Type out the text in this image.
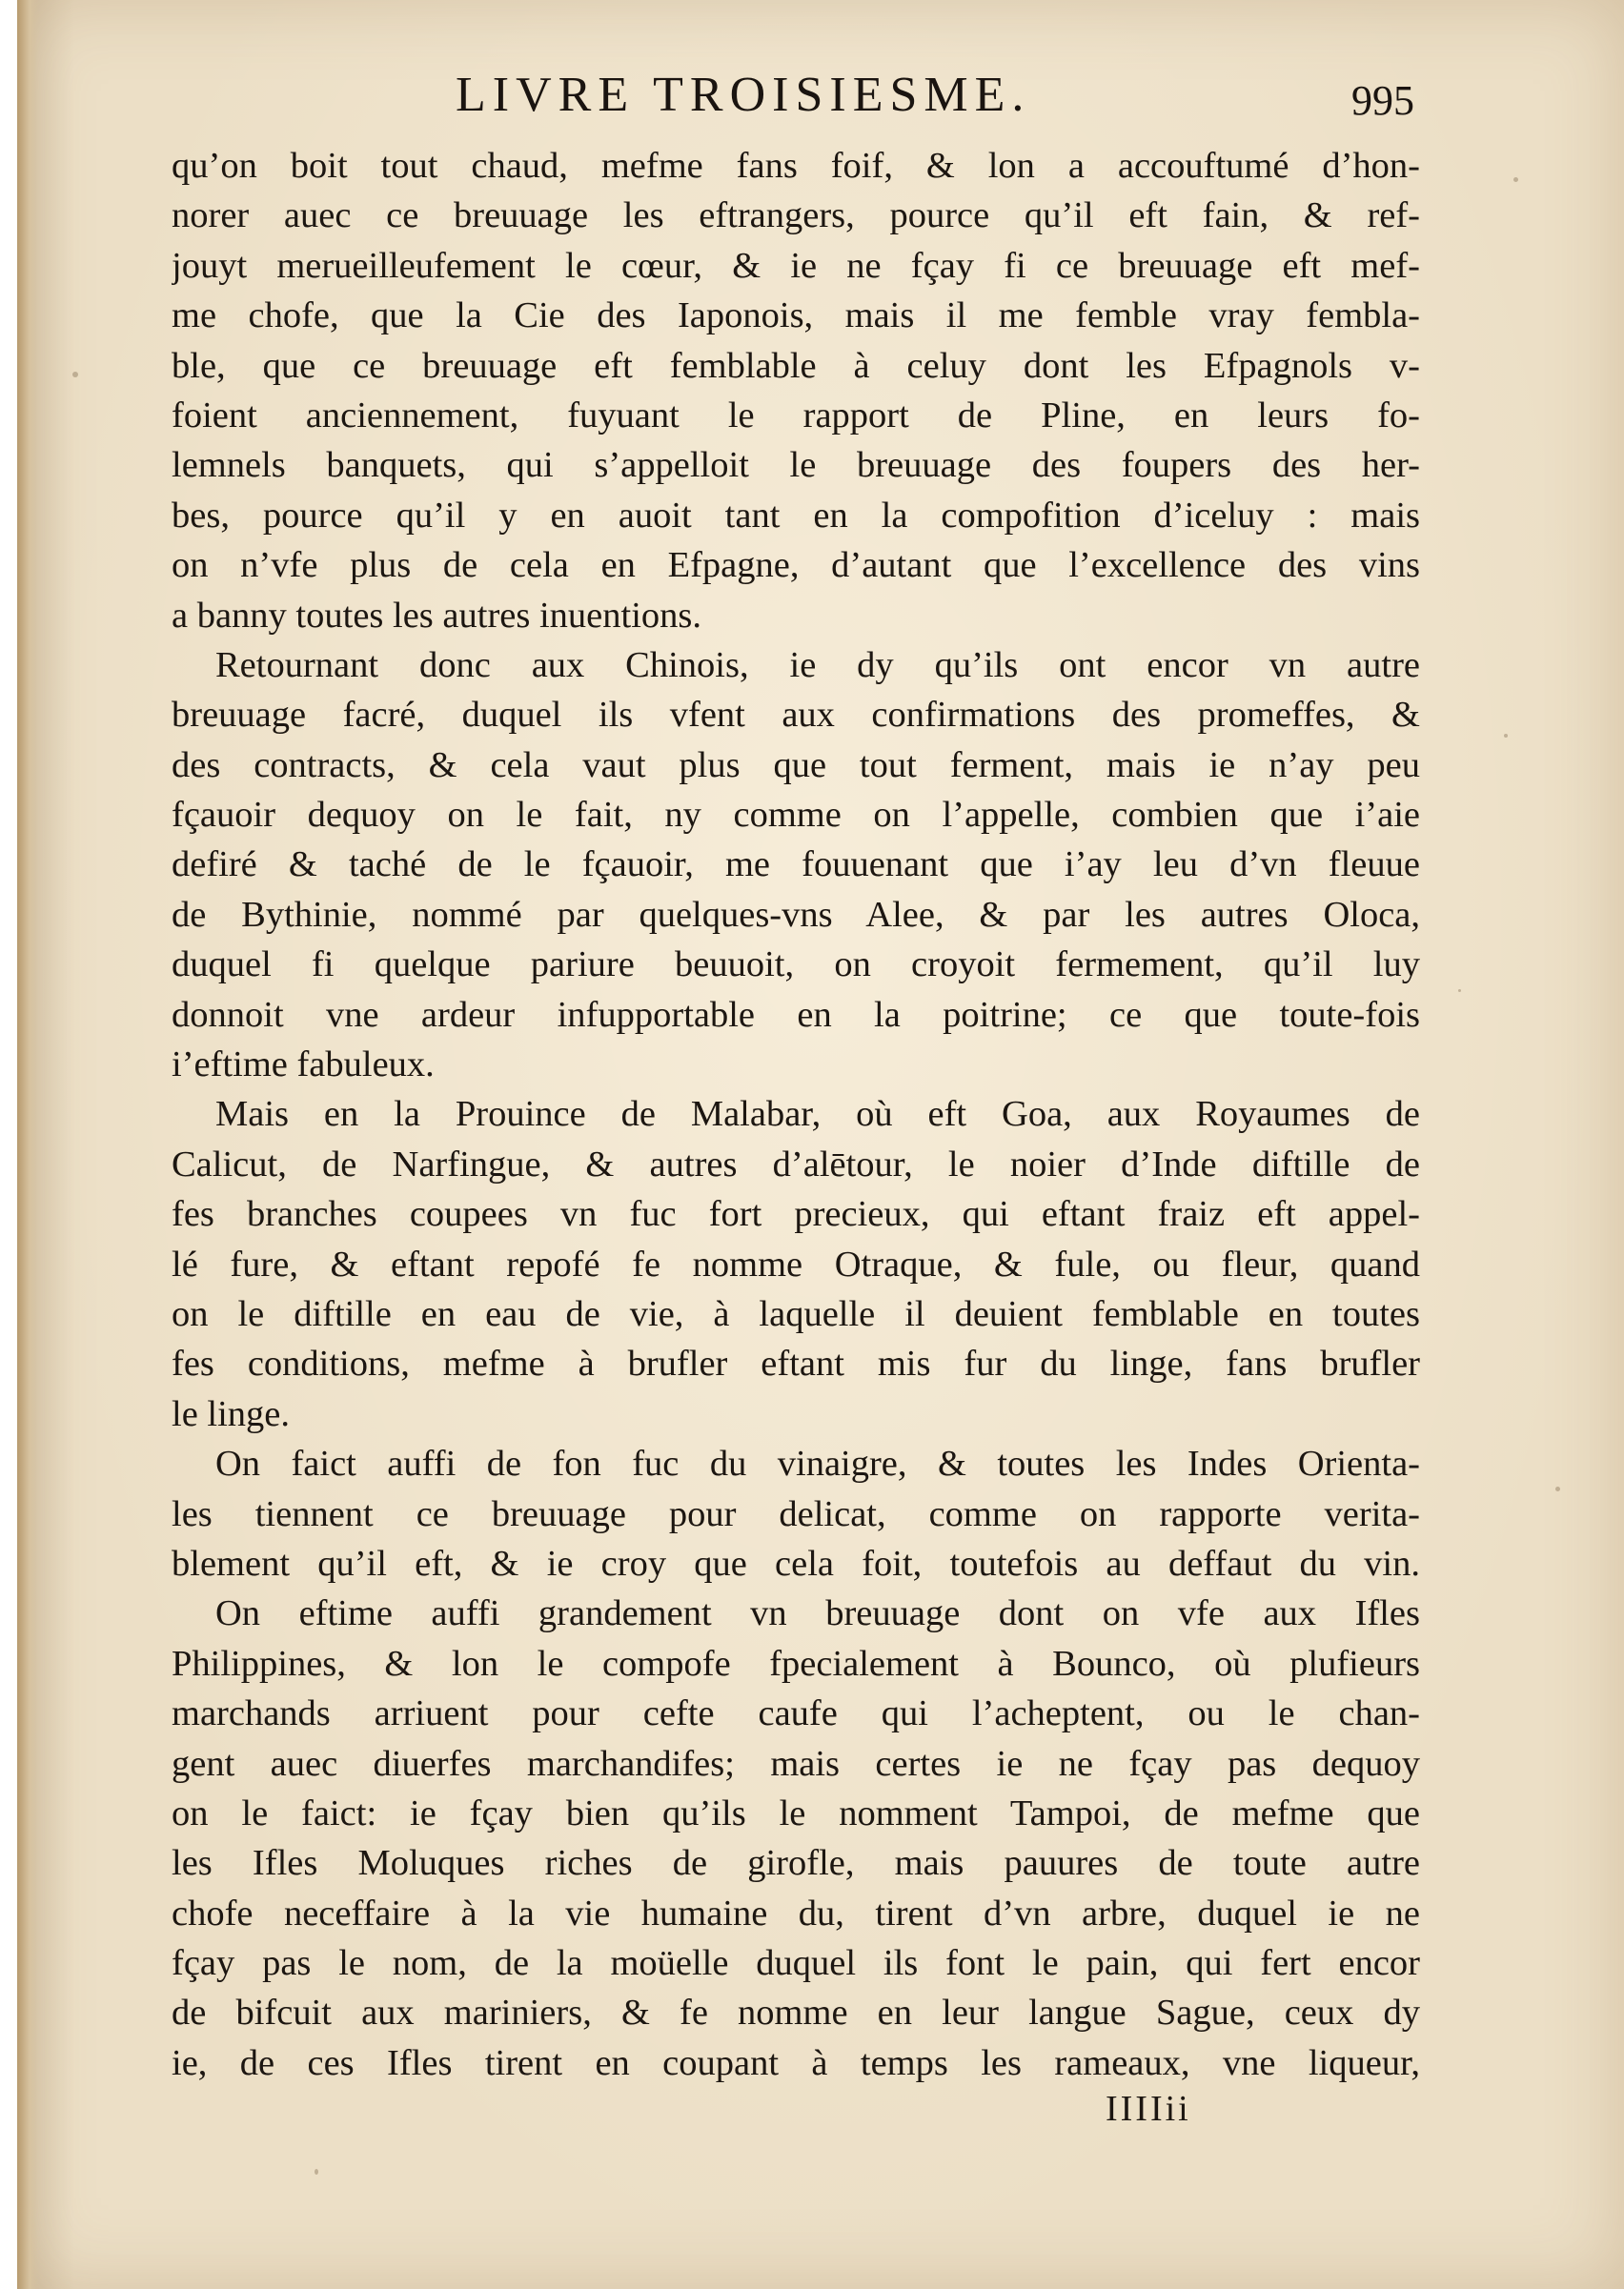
LIVRE TROISIESME.	995
qu’on boit tout chaud, mefme fans foif, & lon a accouftumé d’hon-
norer auec ce breuuage les eftrangers, pource qu’il eft fain, & ref-
jouyt merueilleufement le cœur, & ie ne fçay fi ce breuuage eft mef-
me chofe, que la Cie des Iaponois, mais il me femble vray fembla-
ble, que ce breuuage eft femblable à celuy dont les Efpagnols v-
foient anciennement, fuyuant le rapport de Pline, en leurs fo-
lemnels banquets, qui s’appelloit le breuuage des foupers des her-
bes, pource qu’il y en auoit tant en la compofition d’iceluy : mais
on n’vfe plus de cela en Efpagne, d’autant que l’excellence des vins
a banny toutes les autres inuentions.
Retournant donc aux Chinois, ie dy qu’ils ont encor vn autre
breuuage facré, duquel ils vfent aux confirmations des promeffes, &
des contracts, & cela vaut plus que tout ferment, mais ie n’ay peu
fçauoir dequoy on le fait, ny comme on l’appelle, combien que i’aie
defiré & taché de le fçauoir, me fouuenant que i’ay leu d’vn fleuue
de Bythinie, nommé par quelques-vns Alee, & par les autres Oloca,
duquel fi quelque pariure beuuoit, on croyoit fermement, qu’il luy
donnoit vne ardeur infupportable en la poitrine; ce que toute-fois
i’eftime fabuleux.
Mais en la Prouince de Malabar, où eft Goa, aux Royaumes de
Calicut, de Narfingue, & autres d’alētour, le noier d’Inde diftille de
fes branches coupees vn fuc fort precieux, qui eftant fraiz eft appel-
lé fure, & eftant repofé fe nomme Otraque, & fule, ou fleur, quand
on le diftille en eau de vie, à laquelle il deuient femblable en toutes
fes conditions, mefme à brufler eftant mis fur du linge, fans brufler
le linge.
On faict auffi de fon fuc du vinaigre, & toutes les Indes Orienta-
les tiennent ce breuuage pour delicat, comme on rapporte verita-
blement qu’il eft, & ie croy que cela foit, toutefois au deffaut du vin.
On eftime auffi grandement vn breuuage dont on vfe aux Ifles
Philippines, & lon le compofe fpecialement à Bounco, où plufieurs
marchands arriuent pour cefte caufe qui l’acheptent, ou le chan-
gent auec diuerfes marchandifes; mais certes ie ne fçay pas dequoy
on le faict: ie fçay bien qu’ils le nomment Tampoi, de mefme que
les Ifles Moluques riches de girofle, mais pauures de toute autre
chofe neceffaire à la vie humaine du, tirent d’vn arbre, duquel ie ne
fçay pas le nom, de la moüelle duquel ils font le pain, qui fert encor
de bifcuit aux mariniers, & fe nomme en leur langue Sague, ceux dy
ie, de ces Ifles tirent en coupant à temps les rameaux, vne liqueur,
IIIIii
